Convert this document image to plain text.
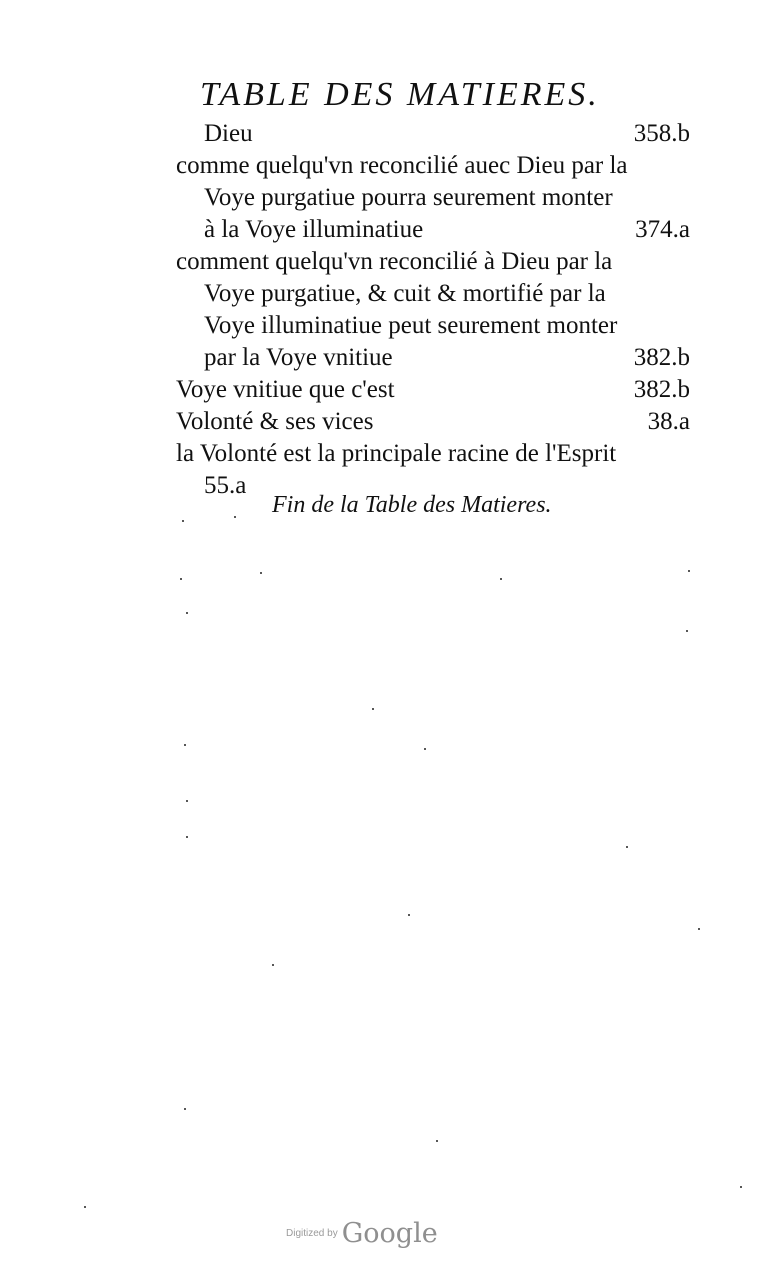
TABLE DES MATIERES.
Dieu	358.b
comme quelqu'vn reconcilié auec Dieu par la
Voye purgatiue pourra seurement monter
à la Voye illuminatiue	374.a
comment quelqu'vn reconcilié à Dieu par la
Voye purgatiue, & cuit & mortifié par la
Voye illuminatiue peut seurement monter
par la Voye vnitiue	382.b
Voye vnitiue que c'est	382.b
Volonté & ses vices	38.a
la Volonté est la principale racine de l'Esprit
55.a
Fin de la Table des Matieres.
Digitized by Google
